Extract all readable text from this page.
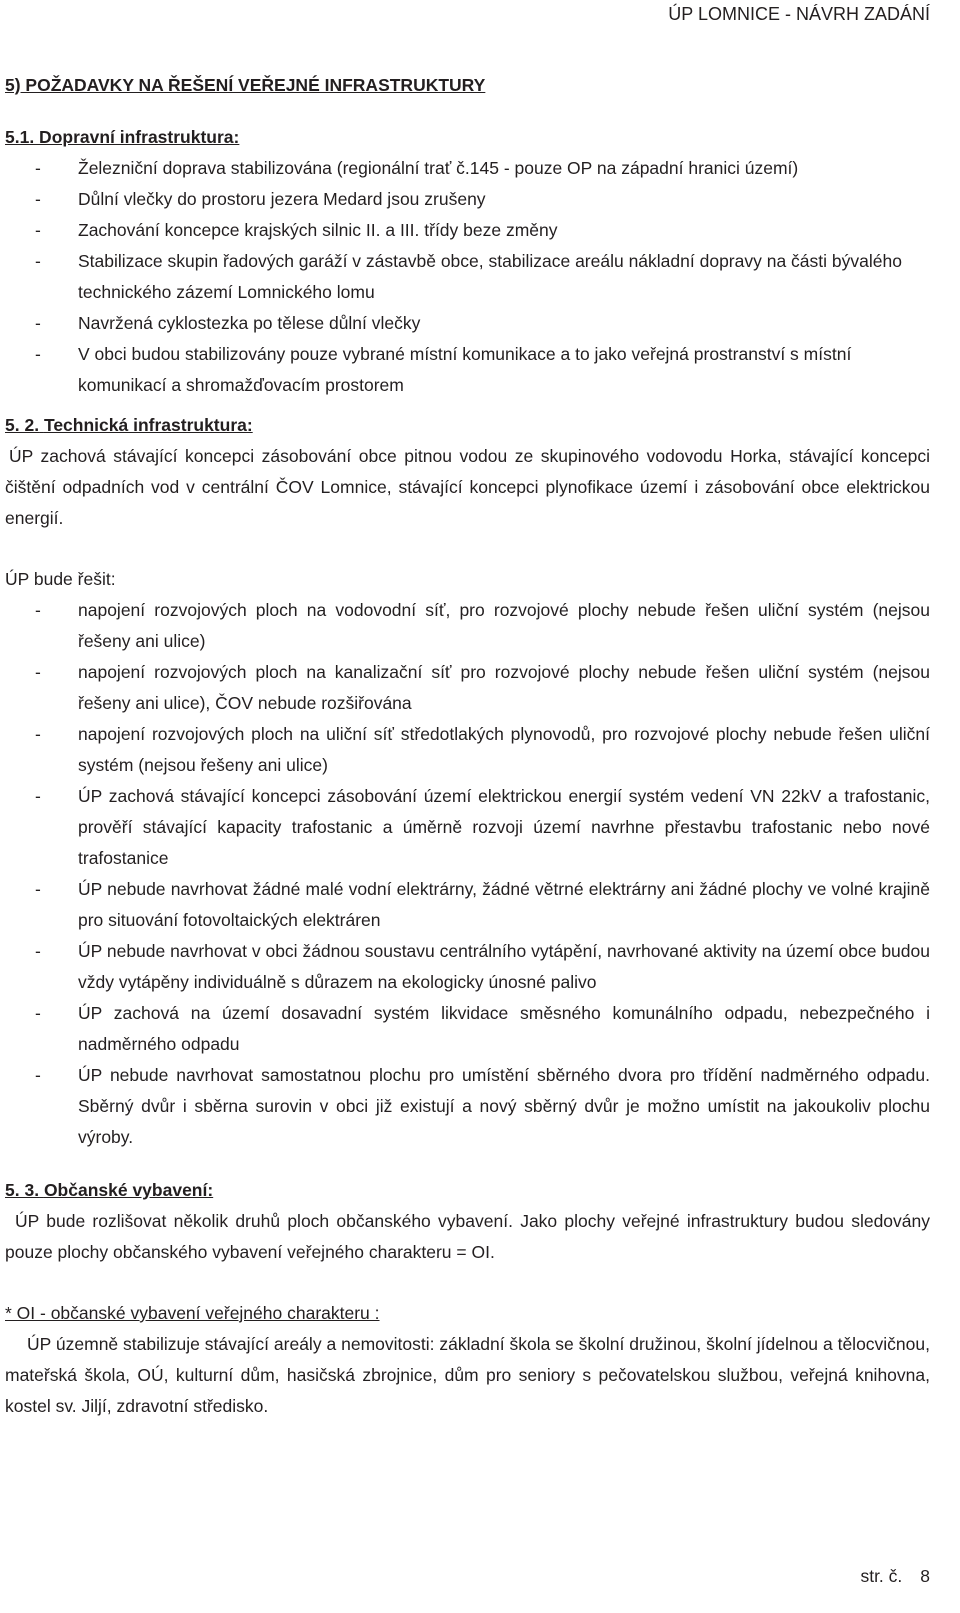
ÚP LOMNICE - NÁVRH ZADÁNÍ
5) POŽADAVKY NA ŘEŠENÍ VEŘEJNÉ INFRASTRUKTURY
5.1. Dopravní infrastruktura:
- Železniční doprava stabilizována (regionální trať č.145 - pouze OP na západní hranici území)
- Důlní vlečky do prostoru jezera Medard jsou zrušeny
- Zachování koncepce krajských silnic II. a III. třídy beze změny
- Stabilizace skupin řadových garáží v zástavbě obce, stabilizace areálu nákladní dopravy na části bývalého technického zázemí Lomnického lomu
- Navržená cyklostezka po tělese důlní vlečky
- V obci budou stabilizovány pouze vybrané místní komunikace a to jako veřejná prostranství s místní komunikací a shromažďovacím prostorem
5. 2. Technická infrastruktura:

ÚP zachová stávající koncepci zásobování obce pitnou vodou ze skupinového vodovodu Horka, stávající koncepci čištění odpadních vod v centrální ČOV Lomnice, stávající koncepci plynofikace území i zásobování obce elektrickou energií.

ÚP bude řešit:

- napojení rozvojových ploch na vodovodní síť, pro rozvojové plochy nebude řešen uliční systém (nejsou řešeny ani ulice)
- napojení rozvojových ploch na kanalizační síť pro rozvojové plochy nebude řešen uliční systém (nejsou řešeny ani ulice), ČOV nebude rozšiřována
- napojení rozvojových ploch na uliční síť středotlakých plynovodů, pro rozvojové plochy nebude řešen uliční systém (nejsou řešeny ani ulice)
- ÚP zachová stávající koncepci zásobování území elektrickou energií systém vedení VN 22kV a trafostanic, prověří stávající kapacity trafostanic a úměrně rozvoji území navrhne přestavbu trafostanic nebo nové trafostanice
- ÚP nebude navrhovat žádné malé vodní elektrárny, žádné větrné elektrárny ani žádné plochy ve volné krajině pro situování fotovoltaických elektráren
- ÚP nebude navrhovat v obci žádnou soustavu centrálního vytápění, navrhované aktivity na území obce budou vždy vytápěny individuálně s důrazem na ekologicky únosné palivo
- ÚP zachová na území dosavadní systém likvidace směsného komunálního odpadu, nebezpečného i nadměrného odpadu
- ÚP nebude navrhovat samostatnou plochu pro umístění sběrného dvora pro třídění nadměrného odpadu. Sběrný dvůr i sběrna surovin v obci již existují a nový sběrný dvůr je možno umístit na jakoukoliv plochu výroby.
5. 3. Občanské vybavení:

ÚP bude rozlišovat několik druhů ploch občanského vybavení. Jako plochy veřejné infrastruktury budou sledovány pouze plochy občanského vybavení veřejného charakteru = OI.

* OI - občanské vybavení veřejného charakteru :

ÚP územně stabilizuje stávající areály a nemovitosti: základní škola se školní družinou, školní jídelnou a tělocvičnou, mateřská škola, OÚ, kulturní dům, hasičská zbrojnice, dům pro seniory s pečovatelskou službou, veřejná knihovna, kostel sv. Jiljí, zdravotní středisko.

str. č. 8
